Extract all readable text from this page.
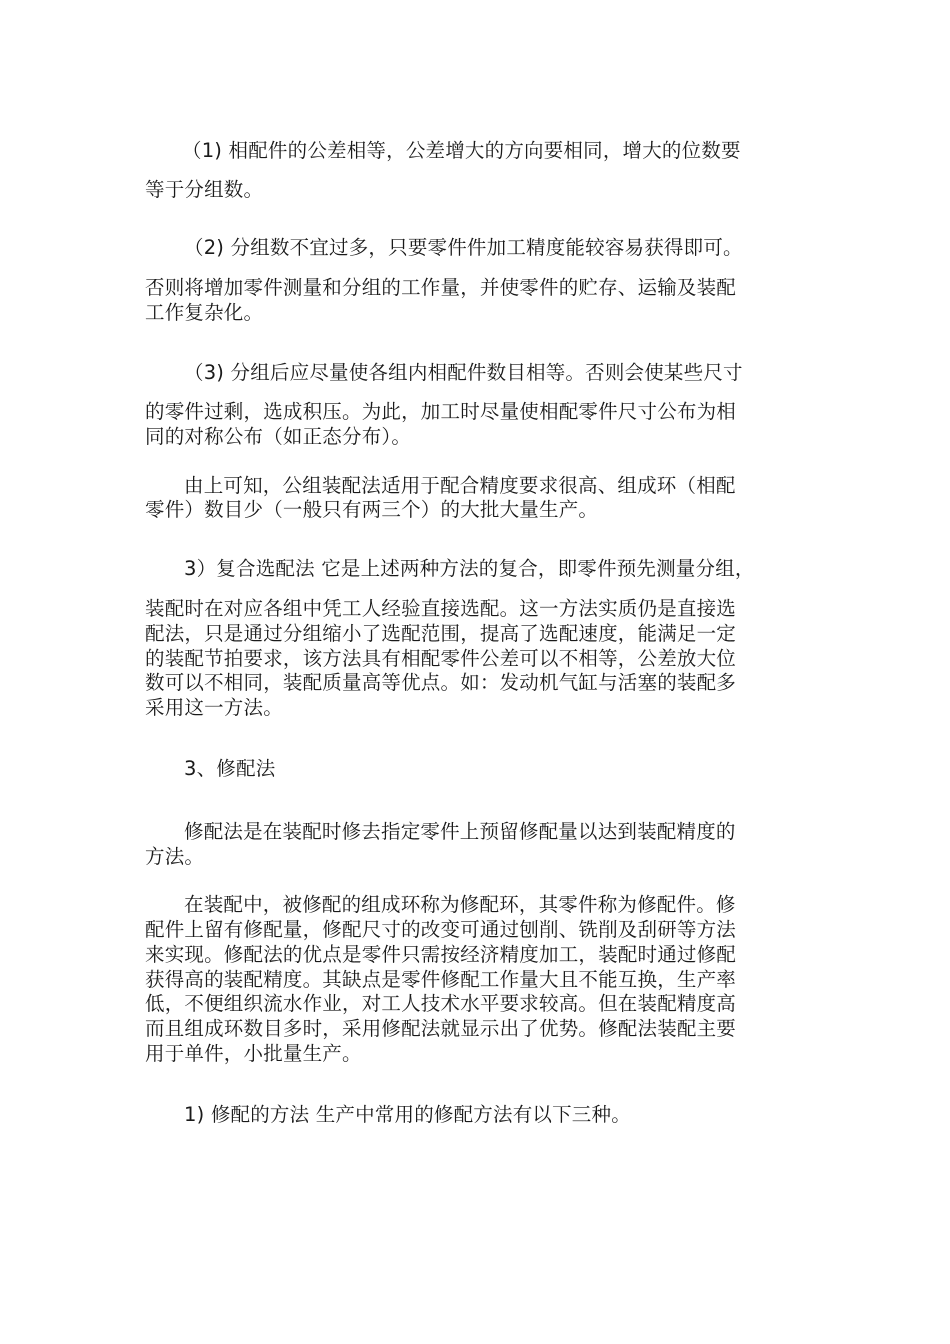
（1) 相配件的公差相等，公差增大的方向要相同，增大的位数要
等于分组数。
（2) 分组数不宜过多，只要零件件加工精度能较容易获得即可。
否则将增加零件测量和分组的工作量，并使零件的贮存、运输及装配
工作复杂化。
（3) 分组后应尽量使各组内相配件数目相等。否则会使某些尺寸
的零件过剩，选成积压。为此，加工时尽量使相配零件尺寸公布为相
同的对称公布（如正态分布）。
由上可知，公组装配法适用于配合精度要求很高、组成环（相配
零件）数目少（一般只有两三个）的大批大量生产。
3）复合选配法 它是上述两种方法的复合，即零件预先测量分组，
装配时在对应各组中凭工人经验直接选配。这一方法实质仍是直接选
配法，只是通过分组缩小了选配范围，提高了选配速度，能满足一定
的装配节拍要求，该方法具有相配零件公差可以不相等，公差放大位
数可以不相同，装配质量高等优点。如：发动机气缸与活塞的装配多
采用这一方法。
3、修配法
修配法是在装配时修去指定零件上预留修配量以达到装配精度的
方法。
在装配中，被修配的组成环称为修配环，其零件称为修配件。修
配件上留有修配量，修配尺寸的改变可通过刨削、铣削及刮研等方法
来实现。修配法的优点是零件只需按经济精度加工，装配时通过修配
获得高的装配精度。其缺点是零件修配工作量大且不能互换，生产率
低，不便组织流水作业，对工人技术水平要求较高。但在装配精度高
而且组成环数目多时，采用修配法就显示出了优势。修配法装配主要
用于单件，小批量生产。
1) 修配的方法 生产中常用的修配方法有以下三种。
